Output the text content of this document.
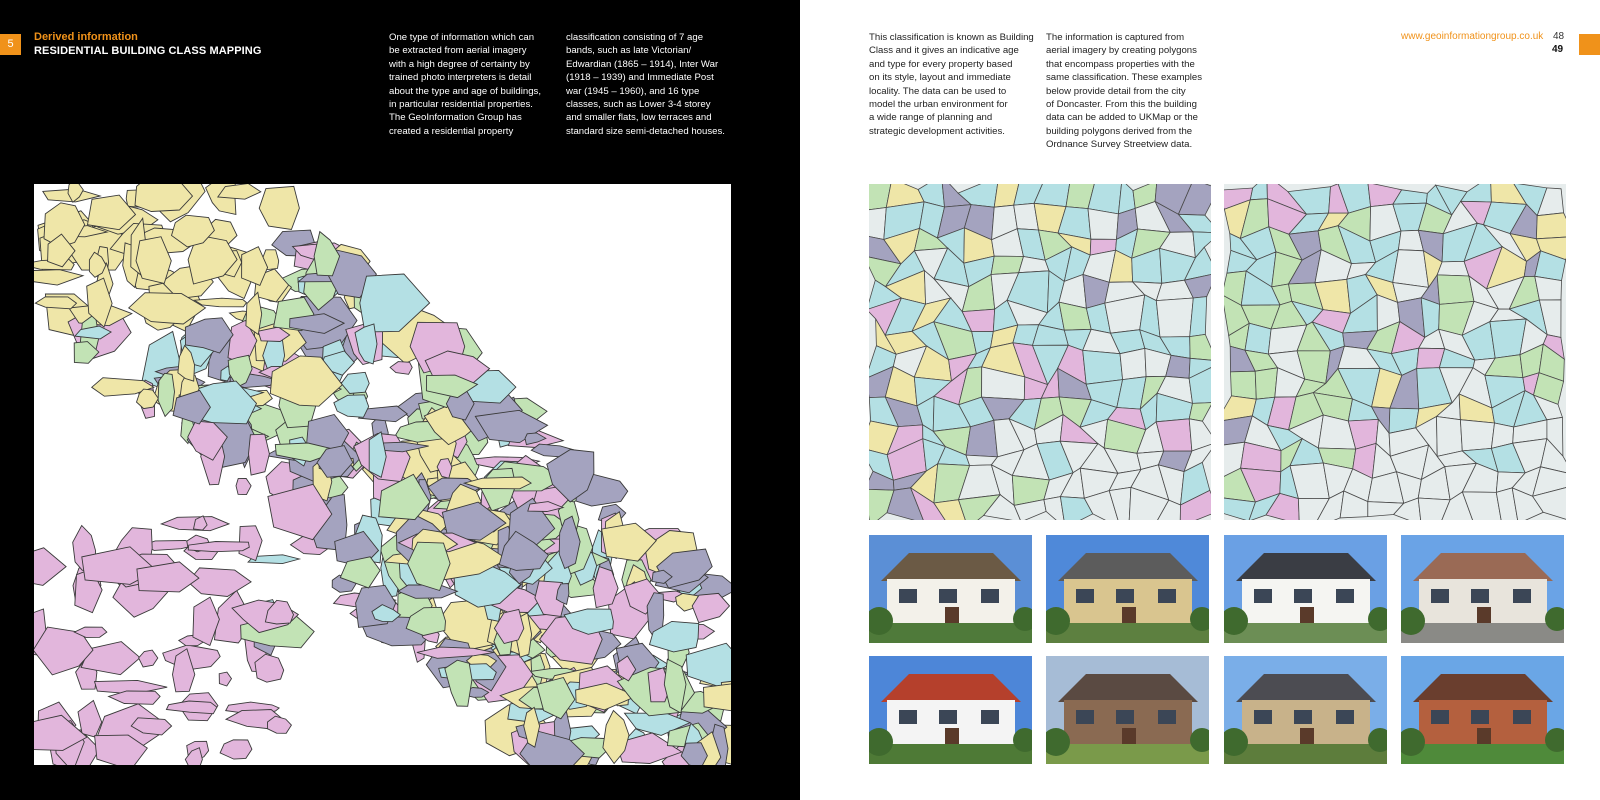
5
Derived information
RESIDENTIAL BUILDING CLASS MAPPING
One type of information which can
be extracted from aerial imagery
with a high degree of certainty by
trained photo interpreters is detail
about the type and age of buildings,
in particular residential properties.
The GeoInformation Group has
created a residential property
classification consisting of 7 age
bands, such as late Victorian/
Edwardian (1865 – 1914), Inter War
(1918 – 1939) and Immediate Post
war (1945 – 1960), and 16 type
classes, such as Lower 3-4 storey
and smaller flats, low terraces and
standard size semi-detached houses.
This classification is known as Building
Class and it gives an indicative age
and type for every property based
on its style, layout and immediate
locality. The data can be used to
model the urban environment for
a wide range of planning and
strategic development activities.
The information is captured from
aerial imagery by creating polygons
that encompass properties with the
same classification. These examples
below provide detail from the city
of Doncaster. From this the building
data can be added to UKMap or the
building polygons derived from the
Ordnance Survey Streetview data.
www.geoinformationgroup.co.uk 48
49
